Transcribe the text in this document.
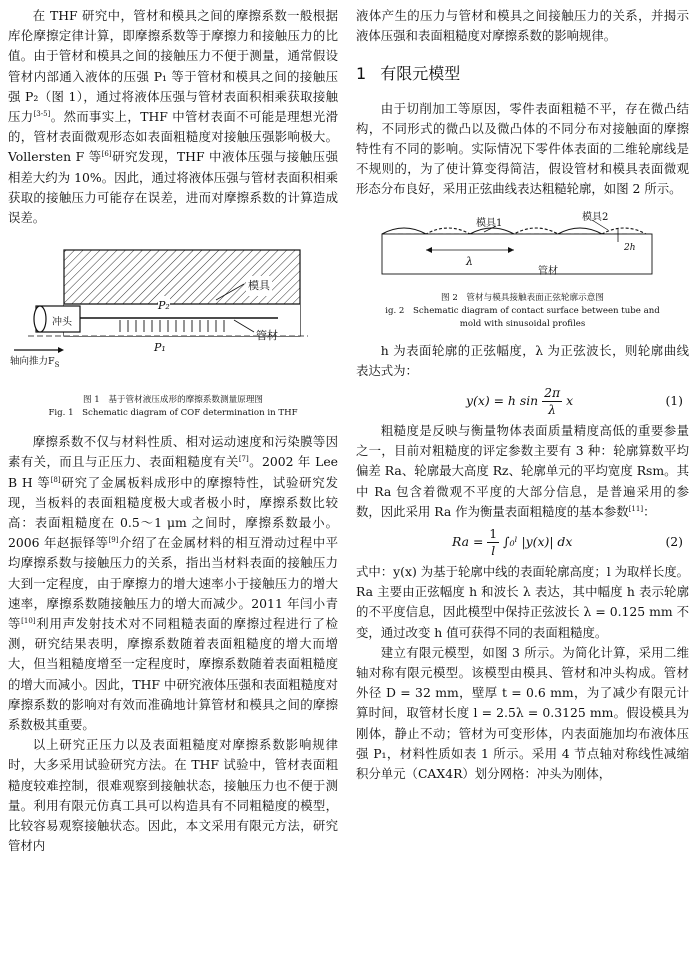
在 THF 研究中，管材和模具之间的摩擦系数一般根据库伦摩擦定律计算，即摩擦系数等于摩擦力和接触压力的比值。由于管材和模具之间的接触压力不便于测量，通常假设管材内部通入液体的压强 P₁ 等于管材和模具之间的接触压强 P₂（图 1），通过将液体压强与管材表面积相乘获取接触压力[3-5]。然而事实上，THF 中管材表面不可能是理想光滑的，管材表面微观形态如表面粗糙度对接触压强影响极大。Vollersten F 等[6]研究发现，THF 中液体压强与接触压强相差大约为 10%。因此，通过将液体压强与管材表面积相乘获取的接触压力可能存在误差，进而对摩擦系数的计算造成误差。

模具
P₂
管材
冲头
P₁
轴向推力$F_S$
图 1　基于管材液压成形的摩擦系数测量原理图
Fig. 1　Schematic diagram of COF determination in THF

摩擦系数不仅与材料性质、相对运动速度和污染膜等因素有关，而且与正压力、表面粗糙度有关[7]。2002 年 Lee B H 等[8]研究了金属板料成形中的摩擦特性，试验研究发现，当板料的表面粗糙度极大或者极小时，摩擦系数比较高：表面粗糙度在 0.5～1 μm 之间时，摩擦系数最小。2006 年赵振铎等[9]介绍了在金属材料的相互滑动过程中平均摩擦系数与接触压力的关系，指出当材料表面的接触压力大到一定程度，由于摩擦力的增大速率小于接触压力的增大速率，摩擦系数随接触压力的增大而减少。2011 年闫小青等[10]利用声发射技术对不同粗糙表面的摩擦过程进行了检测，研究结果表明，摩擦系数随着表面粗糙度的增大而增大，但当粗糙度增至一定程度时，摩擦系数随着表面粗糙度的增大而减小。因此，THF 中研究液体压强和表面粗糙度对摩擦系数的影响对有效而准确地计算管材和模具之间的摩擦系数极其重要。

以上研究正压力以及表面粗糙度对摩擦系数影响规律时，大多采用试验研究方法。在 THF 试验中，管材表面粗糙度较难控制，很难观察到接触状态，接触压力也不便于测量。利用有限元仿真工具可以构造具有不同粗糙度的模型，比较容易观察接触状态。因此，本文采用有限元方法，研究管材内

液体产生的压力与管材和模具之间接触压力的关系，并揭示液体压强和表面粗糙度对摩擦系数的影响规律。

1 有限元模型

由于切削加工等原因，零件表面粗糙不平，存在微凸结构，不同形式的微凸以及微凸体的不同分布对接触面的摩擦特性有不同的影响。实际情况下零件体表面的二维轮廓线是不规则的，为了使计算变得简洁，假设管材和模具表面微观形态分布良好，采用正弦曲线表达粗糙轮廓，如图 2 所示。

模具1
模具2
λ
2h
管材
图 2　管材与模具接触表面正弦轮廓示意图
ig. 2　Schematic diagram of contact surface between tube and
mold with sinusoidal profiles

h 为表面轮廓的正弦幅度，λ 为正弦波长，则轮廓曲线表达式为：

y(x) = h $\sin \frac{2\pi}{\lambda}$ x	(1)

粗糙度是反映与衡量物体表面质量精度高低的重要参量之一，目前对粗糙度的评定参数主要有 3 种：轮廓算数平均偏差 Ra、轮廓最大高度 Rz、轮廓单元的平均宽度 Rsm。其中 Ra 包含着微观不平度的大部分信息，是普遍采用的参数，因此采用 Ra 作为衡量表面粗糙度的基本参数[11]：

$Ra = \frac{1}{l}$ ∫₀ˡ |y(x)| dx	(2)

式中：y(x) 为基于轮廓中线的表面轮廓高度；l 为取样长度。Ra 主要由正弦幅度 h 和波长 λ 表达，其中幅度 h 表示轮廓的不平度信息，因此模型中保持正弦波长 λ = 0.125 mm 不变，通过改变 h 值可获得不同的表面粗糙度。

建立有限元模型，如图 3 所示。为简化计算，采用二维轴对称有限元模型。该模型由模具、管材和冲头构成。管材外径 D = 32 mm，壁厚 t = 0.6 mm，为了减少有限元计算时间，取管材长度 l = 2.5λ = 0.3125 mm。假设模具为刚体，静止不动；管材为可变形体，内表面施加均布液体压强 P₁，材料性质如表 1 所示。采用 4 节点轴对称线性减缩积分单元（CAX4R）划分网格：冲头为刚体，
